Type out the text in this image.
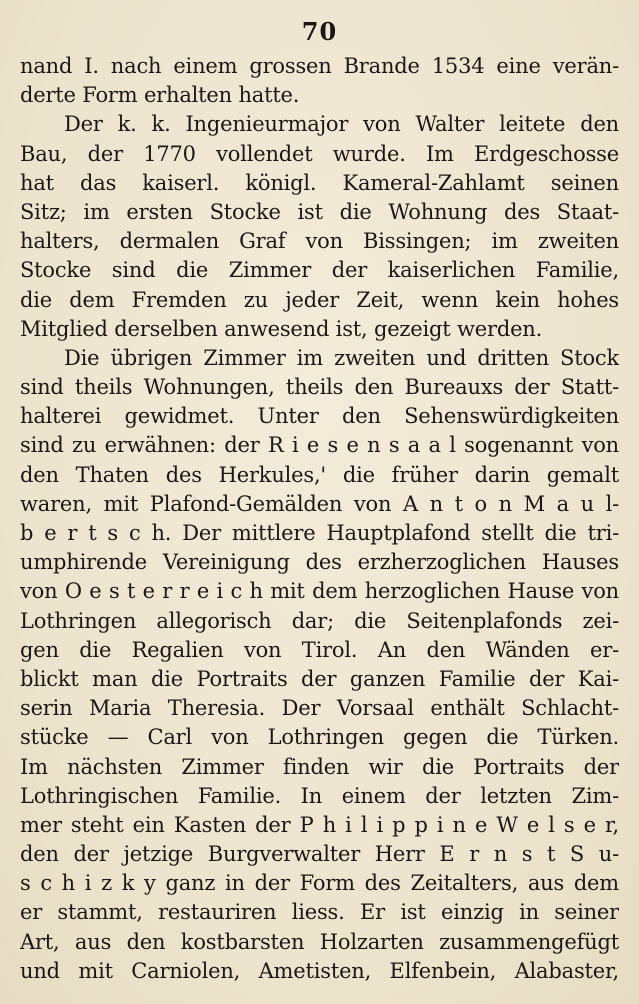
70
nand I. nach einem grossen Brande 1534 eine verän-
derte Form erhalten hatte.
Der k. k. Ingenieurmajor von Walter leitete den
Bau, der 1770 vollendet wurde. Im Erdgeschosse
hat das kaiserl. königl. Kameral-Zahlamt seinen
Sitz; im ersten Stocke ist die Wohnung des Staat-
halters, dermalen Graf von Bissingen; im zweiten
Stocke sind die Zimmer der kaiserlichen Familie,
die dem Fremden zu jeder Zeit, wenn kein hohes
Mitglied derselben anwesend ist, gezeigt werden.
Die übrigen Zimmer im zweiten und dritten Stock
sind theils Wohnungen, theils den Bureauxs der Statt-
halterei gewidmet. Unter den Sehenswürdigkeiten
sind zu erwähnen: der R i e s e n s a a l sogenannt von
den Thaten des Herkules,' die früher darin gemalt
waren, mit Plafond-Gemälden von A n t o n M a u l-
b e r t s c h. Der mittlere Hauptplafond stellt die tri-
umphirende Vereinigung des erzherzoglichen Hauses
von O e s t e r r e i c h mit dem herzoglichen Hause von
Lothringen allegorisch dar; die Seitenplafonds zei-
gen die Regalien von Tirol. An den Wänden er-
blickt man die Portraits der ganzen Familie der Kai-
serin Maria Theresia. Der Vorsaal enthält Schlacht-
stücke — Carl von Lothringen gegen die Türken.
Im nächsten Zimmer finden wir die Portraits der
Lothringischen Familie. In einem der letzten Zim-
mer steht ein Kasten der P h i l i p p i n e W e l s e r,
den der jetzige Burgverwalter Herr E r n s t S u-
s c h i z k y ganz in der Form des Zeitalters, aus dem
er stammt, restauriren liess. Er ist einzig in seiner
Art, aus den kostbarsten Holzarten zusammengefügt
und mit Carniolen, Ametisten, Elfenbein, Alabaster,
